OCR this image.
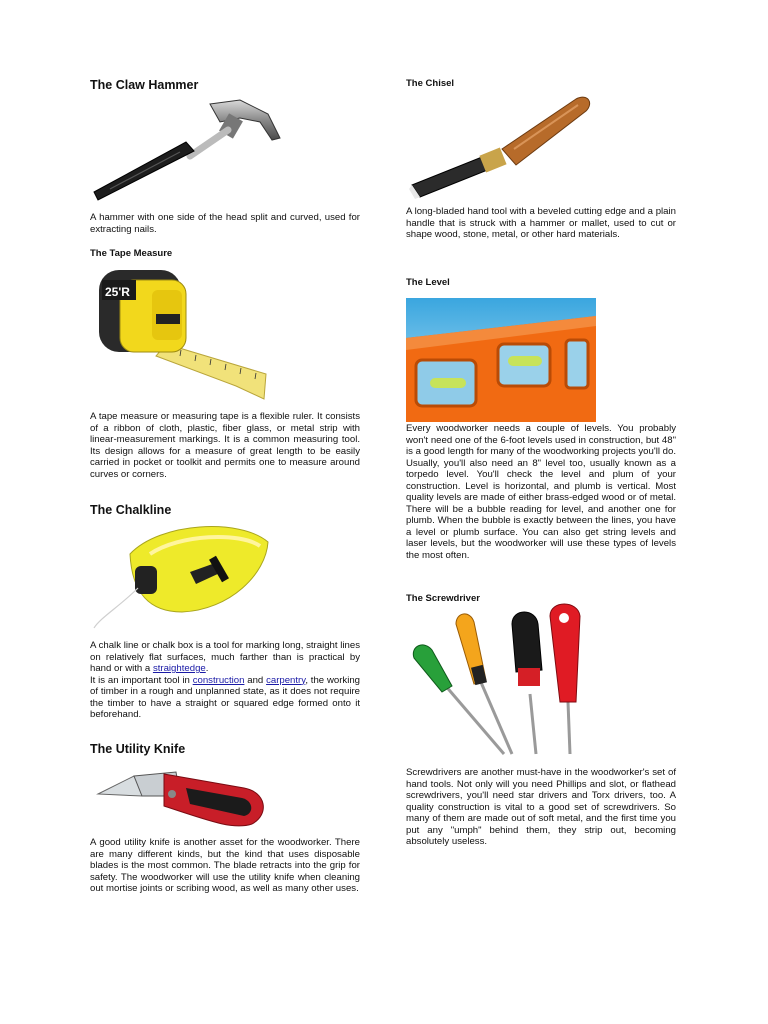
The Claw Hammer

A hammer with one side of the head split and curved, used for extracting nails.

The Tape Measure
25'R

A tape measure or measuring tape is a flexible ruler. It consists of a ribbon of cloth, plastic, fiber glass, or metal strip with linear-measurement markings. It is a common measuring tool. Its design allows for a measure of great length to be easily carried in pocket or toolkit and permits one to measure around curves or corners.

The Chalkline

A chalk line or chalk box is a tool for marking long, straight lines on relatively flat surfaces, much farther than is practical by hand or with a straightedge.
It is an important tool in construction and carpentry, the working of timber in a rough and unplanned state, as it does not require the timber to have a straight or squared edge formed onto it beforehand.

The Utility Knife

A good utility knife is another asset for the woodworker. There are many different kinds, but the kind that uses disposable blades is the most common. The blade retracts into the grip for safety. The woodworker will use the utility knife when cleaning out mortise joints or scribing wood, as well as many other uses.

The Chisel

A long-bladed hand tool with a beveled cutting edge and a plain handle that is struck with a hammer or mallet, used to cut or shape wood, stone, metal, or other hard materials.

The Level

Every woodworker needs a couple of levels. You probably won't need one of the 6-foot levels used in construction, but 48" is a good length for many of the woodworking projects you'll do. Usually, you'll also need an 8" level too, usually known as a torpedo level. You'll check the level and plum of your construction. Level is horizontal, and plumb is vertical. Most quality levels are made of either brass-edged wood or of metal. There will be a bubble reading for level, and another one for plumb. When the bubble is exactly between the lines, you have a level or plumb surface. You can also get string levels and laser levels, but the woodworker will use these types of levels the most often.

The Screwdriver

Screwdrivers are another must-have in the woodworker's set of hand tools. Not only will you need Phillips and slot, or flathead screwdrivers, you'll need star drivers and Torx drivers, too. A quality construction is vital to a good set of screwdrivers. So many of them are made out of soft metal, and the first time you put any "umph" behind them, they strip out, becoming absolutely useless.
